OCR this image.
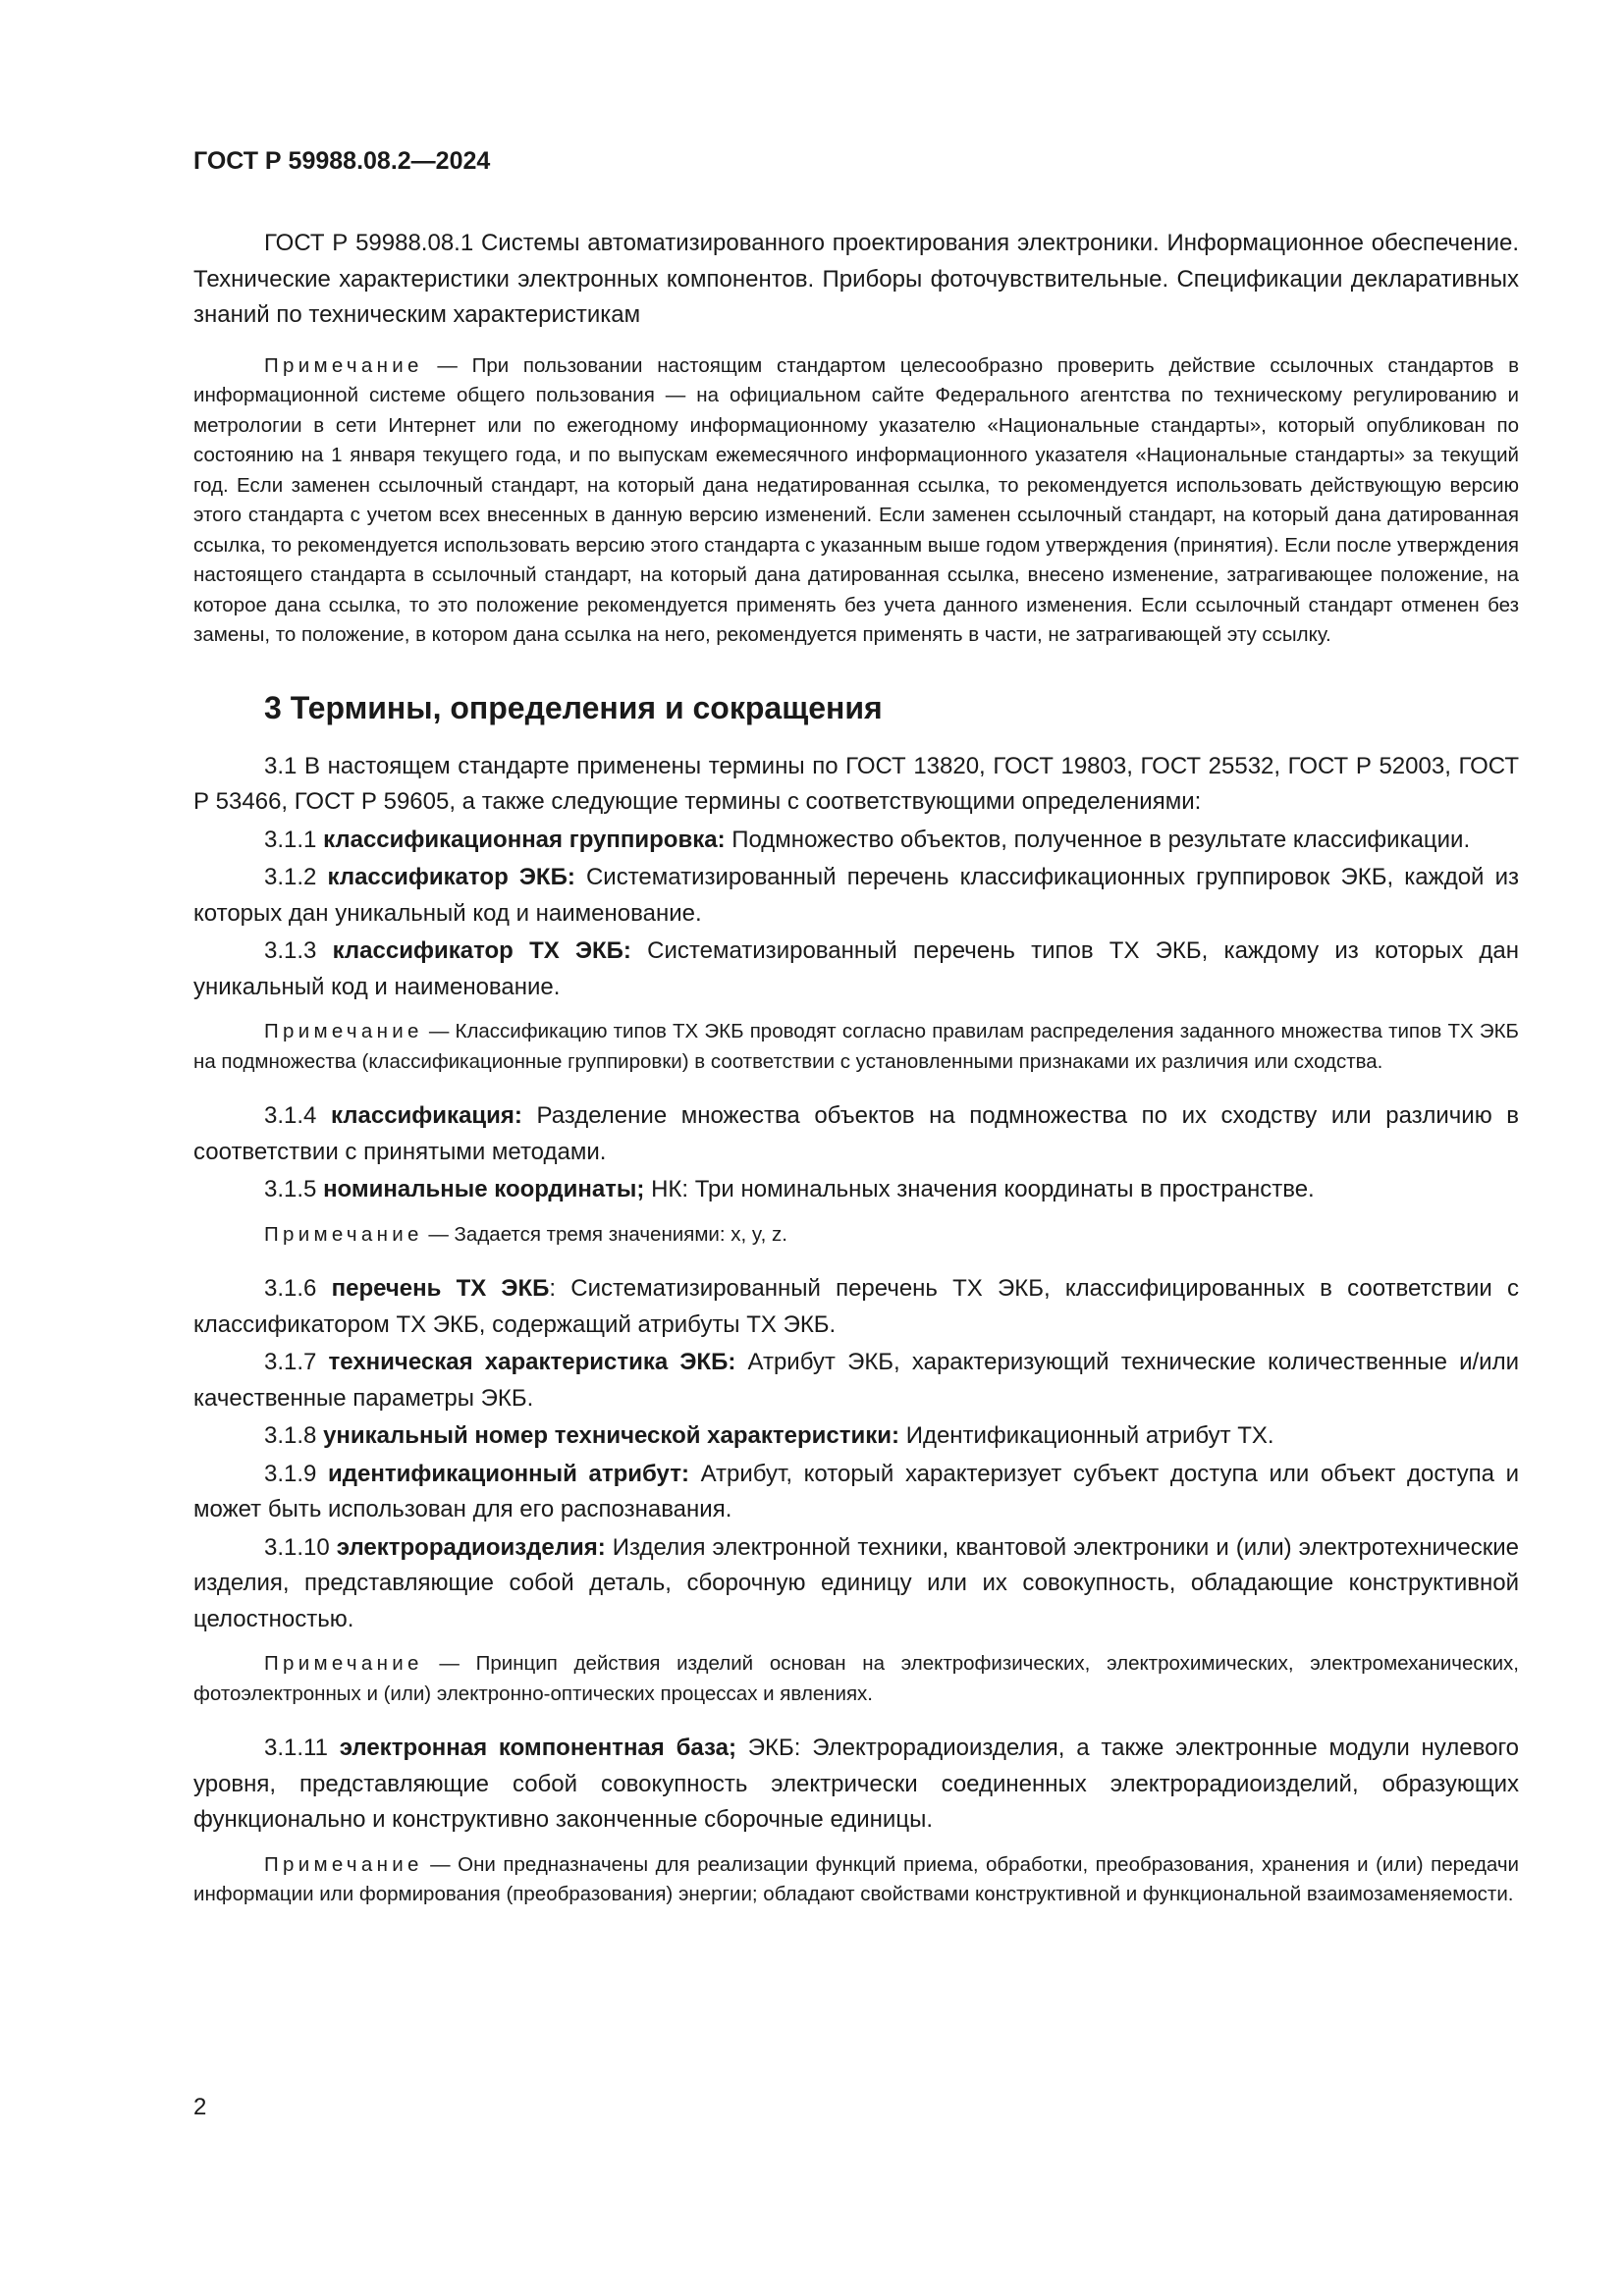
ГОСТ Р 59988.08.2—2024

ГОСТ Р 59988.08.1 Системы автоматизированного проектирования электроники. Информационное обеспечение. Технические характеристики электронных компонентов. Приборы фоточувствительные. Спецификации декларативных знаний по техническим характеристикам

Примечание — При пользовании настоящим стандартом целесообразно проверить действие ссылочных стандартов в информационной системе общего пользования — на официальном сайте Федерального агентства по техническому регулированию и метрологии в сети Интернет или по ежегодному информационному указателю «Национальные стандарты», который опубликован по состоянию на 1 января текущего года, и по выпускам ежемесячного информационного указателя «Национальные стандарты» за текущий год. Если заменен ссылочный стандарт, на который дана недатированная ссылка, то рекомендуется использовать действующую версию этого стандарта с учетом всех внесенных в данную версию изменений. Если заменен ссылочный стандарт, на который дана датированная ссылка, то рекомендуется использовать версию этого стандарта с указанным выше годом утверждения (принятия). Если после утверждения настоящего стандарта в ссылочный стандарт, на который дана датированная ссылка, внесено изменение, затрагивающее положение, на которое дана ссылка, то это положение рекомендуется применять без учета данного изменения. Если ссылочный стандарт отменен без замены, то положение, в котором дана ссылка на него, рекомендуется применять в части, не затрагивающей эту ссылку.

3 Термины, определения и сокращения

3.1 В настоящем стандарте применены термины по ГОСТ 13820, ГОСТ 19803, ГОСТ 25532, ГОСТ Р 52003, ГОСТ Р 53466, ГОСТ Р 59605, а также следующие термины с соответствующими определениями:

3.1.1 классификационная группировка: Подмножество объектов, полученное в результате классификации.

3.1.2 классификатор ЭКБ: Систематизированный перечень классификационных группировок ЭКБ, каждой из которых дан уникальный код и наименование.

3.1.3 классификатор ТХ ЭКБ: Систематизированный перечень типов ТХ ЭКБ, каждому из которых дан уникальный код и наименование.

Примечание — Классификацию типов ТХ ЭКБ проводят согласно правилам распределения заданного множества типов ТХ ЭКБ на подмножества (классификационные группировки) в соответствии с установленными признаками их различия или сходства.

3.1.4 классификация: Разделение множества объектов на подмножества по их сходству или различию в соответствии с принятыми методами.

3.1.5 номинальные координаты; НК: Три номинальных значения координаты в пространстве.

Примечание — Задается тремя значениями: x, y, z.

3.1.6 перечень ТХ ЭКБ: Систематизированный перечень ТХ ЭКБ, классифицированных в соответствии с классификатором ТХ ЭКБ, содержащий атрибуты ТХ ЭКБ.

3.1.7 техническая характеристика ЭКБ: Атрибут ЭКБ, характеризующий технические количественные и/или качественные параметры ЭКБ.

3.1.8 уникальный номер технической характеристики: Идентификационный атрибут ТХ.

3.1.9 идентификационный атрибут: Атрибут, который характеризует субъект доступа или объект доступа и может быть использован для его распознавания.

3.1.10 электрорадиоизделия: Изделия электронной техники, квантовой электроники и (или) электротехнические изделия, представляющие собой деталь, сборочную единицу или их совокупность, обладающие конструктивной целостностью.

Примечание — Принцип действия изделий основан на электрофизических, электрохимических, электромеханических, фотоэлектронных и (или) электронно-оптических процессах и явлениях.

3.1.11 электронная компонентная база; ЭКБ: Электрорадиоизделия, а также электронные модули нулевого уровня, представляющие собой совокупность электрически соединенных электрорадиоизделий, образующих функционально и конструктивно законченные сборочные единицы.

Примечание — Они предназначены для реализации функций приема, обработки, преобразования, хранения и (или) передачи информации или формирования (преобразования) энергии; обладают свойствами конструктивной и функциональной взаимозаменяемости.

2
